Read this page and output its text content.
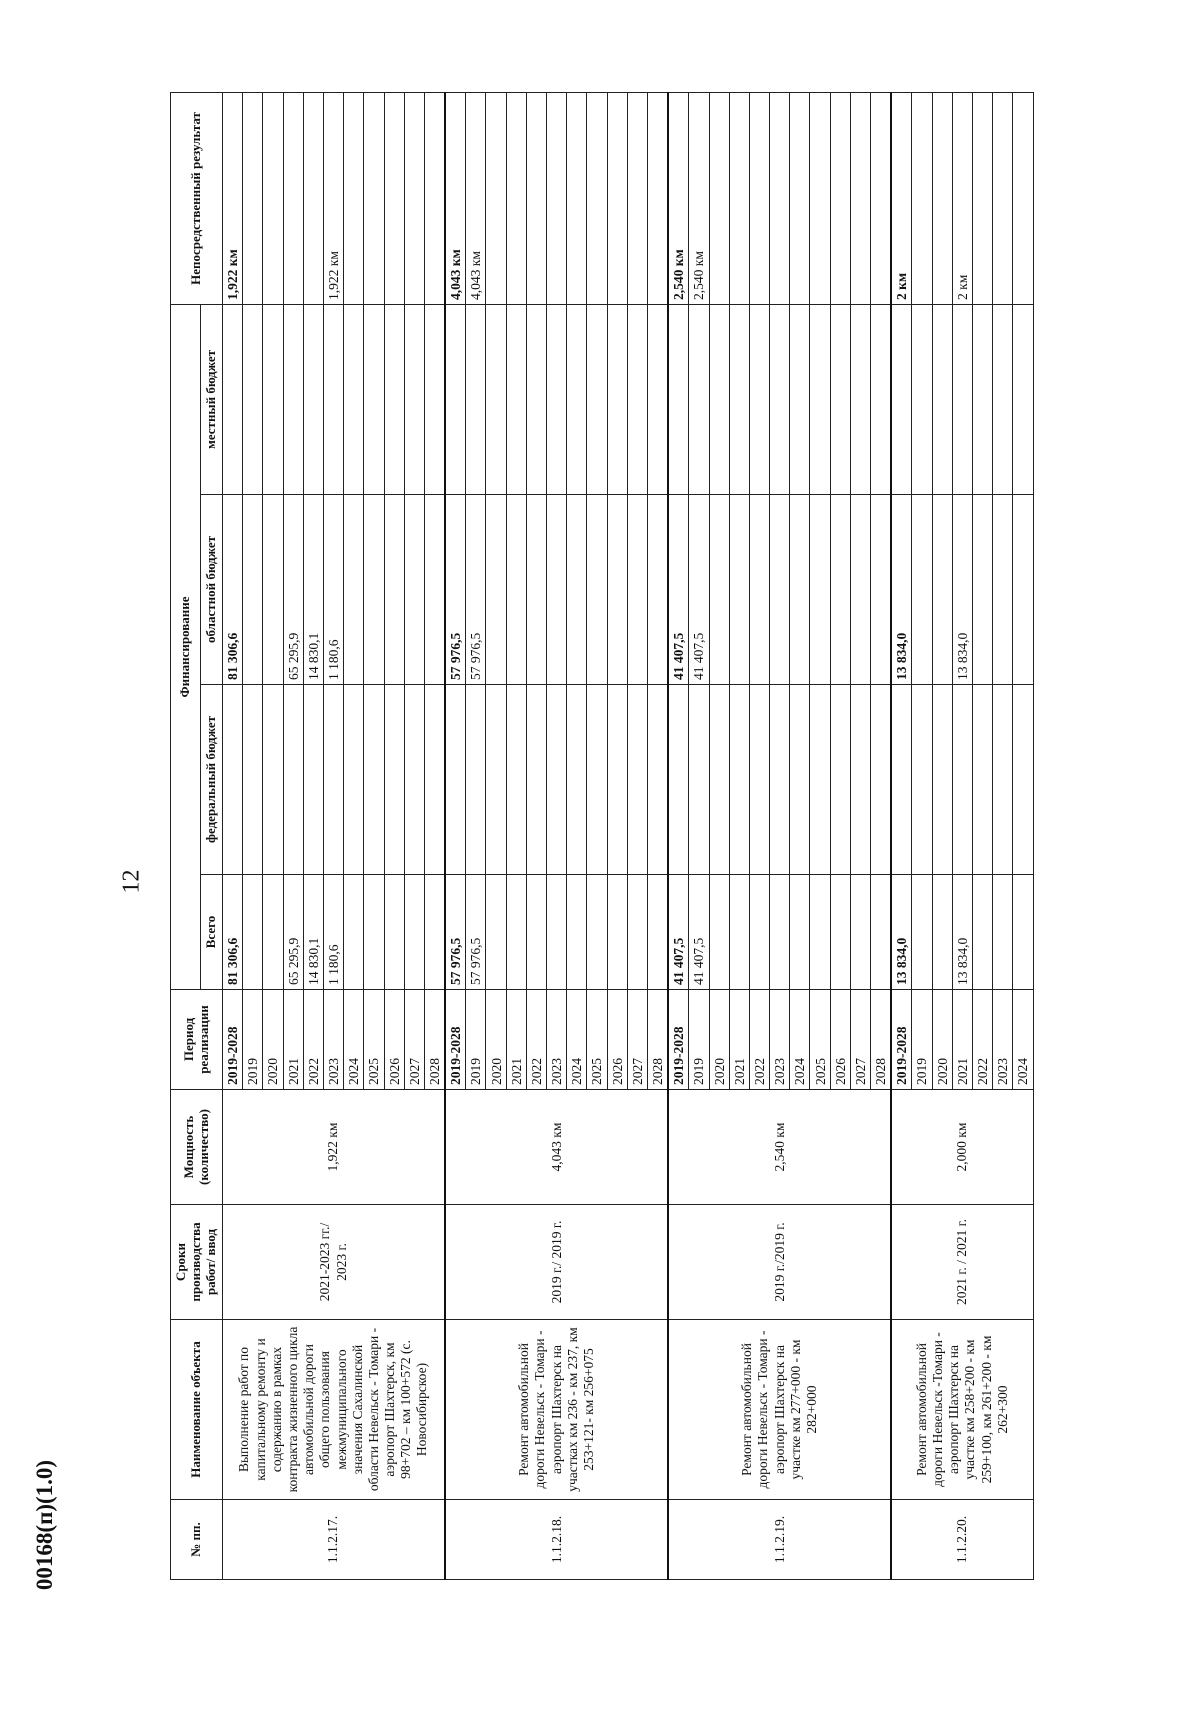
12
00168(п)(1.0)	№ пп.	Наименование объекта	Сроки производства работ/ ввод	Мощность (количество)	Период реализации	Финансирование				Непосредственный результат
					Всего	федеральный бюджет	областной бюджет	местный бюджет	
1.1.2.17.	Выполнение работ по капитальному ремонту и содержанию в рамках контракта жизненного цикла автомобильной дороги общего пользования межмуниципального значения Сахалинской области Невельск - Томари - аэропорт Шахтерск, км 98+702 – км 100+572 (с. Новосибирское)	2021-2023 гг./ 2023 г.	1,922 км	2019-2028	81 306,6		81 306,6		1,922 км
				2019					
				2020					
				2021	65 295,9		65 295,9		
				2022	14 830,1		14 830,1		
				2023	1 180,6		1 180,6		1,922 км
				2024					
				2025					
				2026					
				2027					
				2028					
1.1.2.18.	Ремонт автомобильной дороги Невельск - Томари - аэропорт Шахтерск на участках км 236 - км 237, км 253+121- км 256+075	2019 г./ 2019 г.	4,043 км	2019-2028	57 976,5		57 976,5		4,043 км
				2019	57 976,5		57 976,5		4,043 км
				2020					
				2021					
				2022					
				2023					
				2024					
				2025					
				2026					
				2027					
				2028					
1.1.2.19.	Ремонт автомобильной дороги Невельск - Томари - аэропорт Шахтерск на участке км 277+000 - км 282+000	2019 г./2019 г.	2,540 км	2019-2028	41 407,5		41 407,5		2,540 км
				2019	41 407,5		41 407,5		2,540 км
				2020					
				2021					
				2022					
				2023					
				2024					
				2025					
				2026					
				2027					
				2028					
1.1.2.20.	Ремонт автомобильной дороги Невельск -Томари - аэропорт Шахтерск на участке км 258+200 - км 259+100, км 261+200 - км 262+300	2021 г. / 2021 г.	2,000 км	2019-2028	13 834,0		13 834,0		2 км
				2019					
				2020					
				2021	13 834,0		13 834,0		2 км
				2022					
				2023					
				2024					
